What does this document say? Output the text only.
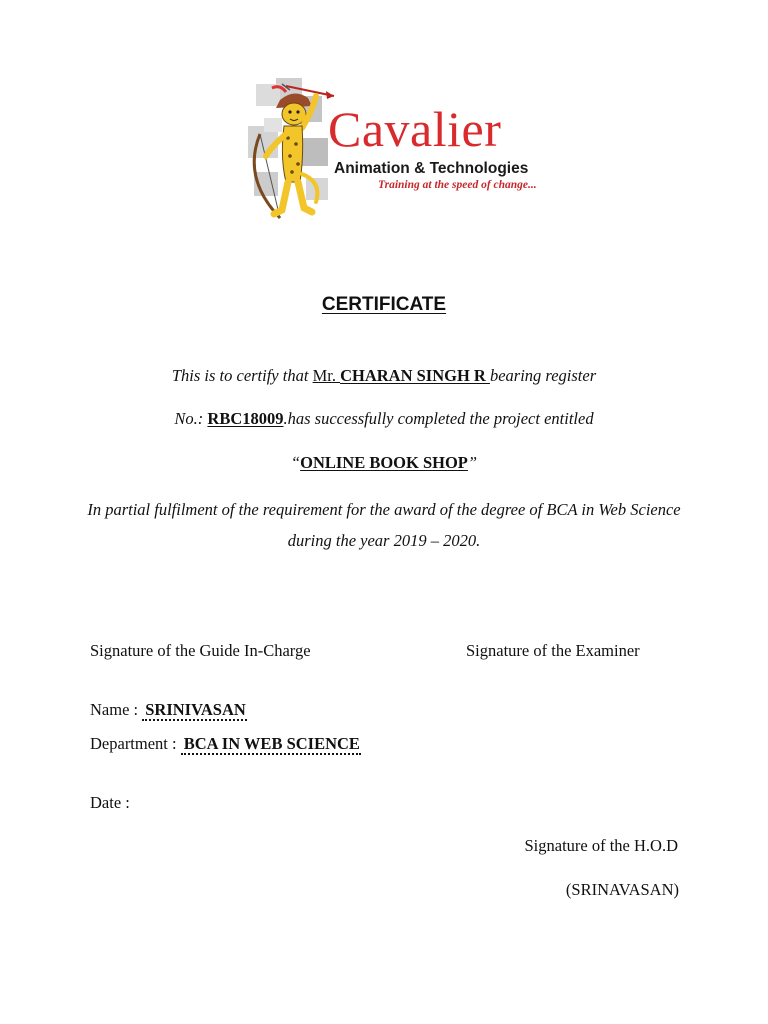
Cavalier
Animation & Technologies
Training at the speed of change...
CERTIFICATE
This is to certify that Mr. CHARAN SINGH R bearing register
No.: RBC18009.has successfully completed the project entitled
“ONLINE BOOK SHOP”
In partial fulfilment of the requirement for the award of the degree of BCA in Web Science during the year 2019 – 2020.
Signature of the Guide In-Charge	Signature of the Examiner
Name : SRINIVASAN
Department : BCA IN WEB SCIENCE
Date :
Signature of the H.O.D
(SRINAVASAN)
